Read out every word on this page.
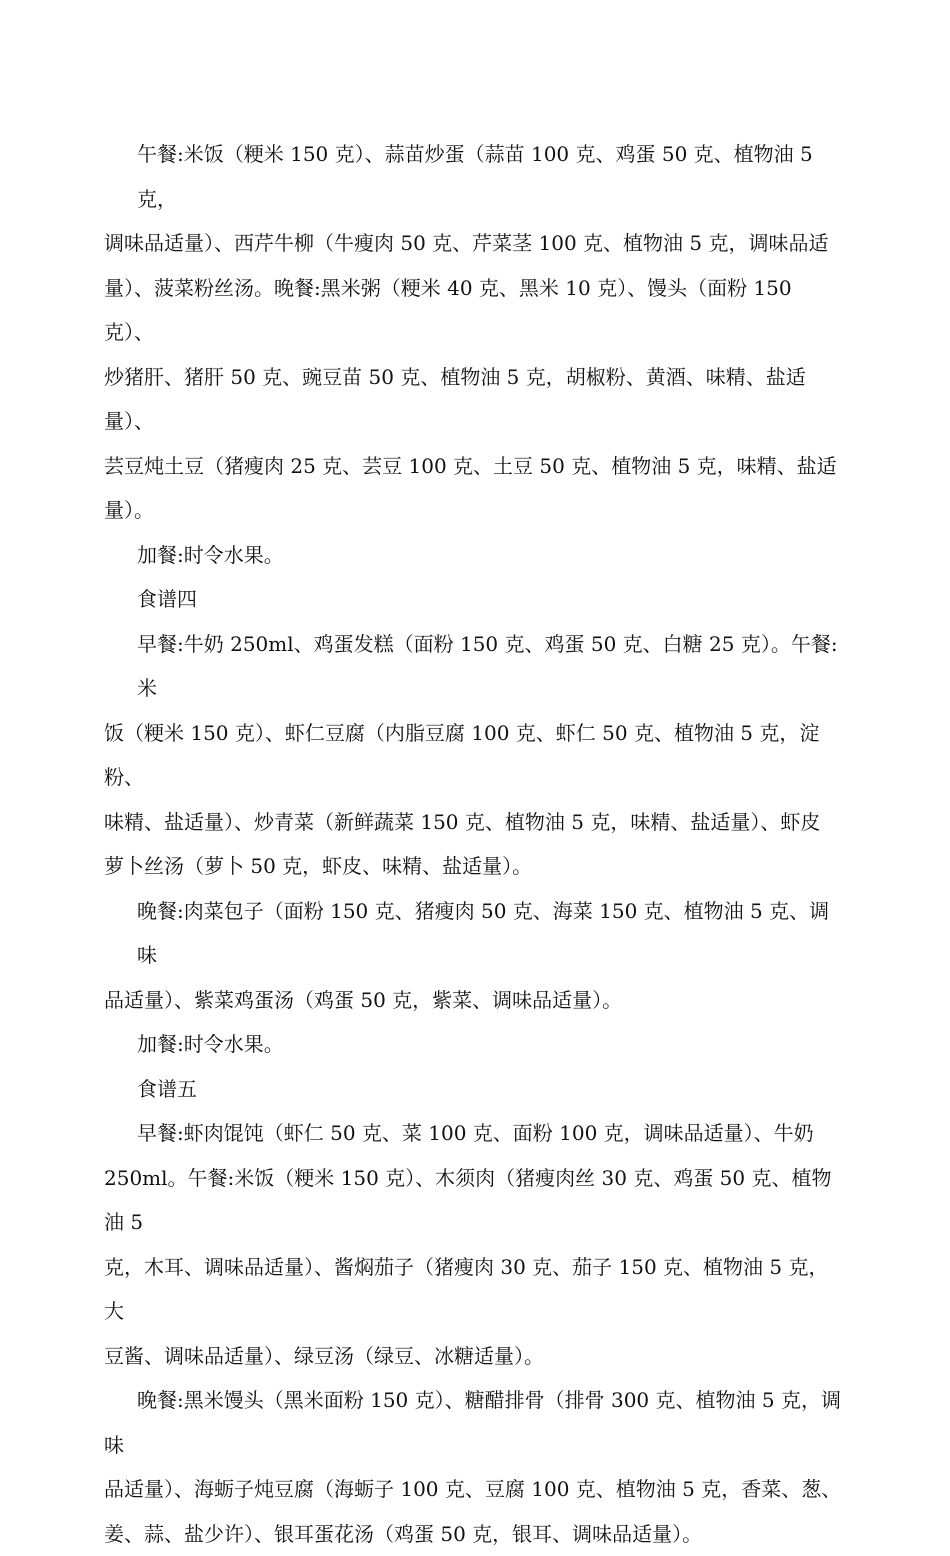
午餐:米饭（粳米 150 克）、蒜苗炒蛋（蒜苗 100 克、鸡蛋 50 克、植物油 5 克，
调味品适量）、西芹牛柳（牛瘦肉 50 克、芹菜茎 100 克、植物油 5 克，调味品适
量）、菠菜粉丝汤。晚餐:黑米粥（粳米 40 克、黑米 10 克）、馒头（面粉 150 克）、
炒猪肝、猪肝 50 克、豌豆苗 50 克、植物油 5 克，胡椒粉、黄酒、味精、盐适量）、
芸豆炖土豆（猪瘦肉 25 克、芸豆 100 克、土豆 50 克、植物油 5 克，味精、盐适
量）。
加餐:时令水果。
食谱四
早餐:牛奶 250ml、鸡蛋发糕（面粉 150 克、鸡蛋 50 克、白糖 25 克）。午餐:米
饭（粳米 150 克）、虾仁豆腐（内脂豆腐 100 克、虾仁 50 克、植物油 5 克，淀粉、
味精、盐适量）、炒青菜（新鲜蔬菜 150 克、植物油 5 克，味精、盐适量）、虾皮
萝卜丝汤（萝卜 50 克，虾皮、味精、盐适量）。
晚餐:肉菜包子（面粉 150 克、猪瘦肉 50 克、海菜 150 克、植物油 5 克、调味
品适量）、紫菜鸡蛋汤（鸡蛋 50 克，紫菜、调味品适量）。
加餐:时令水果。
食谱五
早餐:虾肉馄饨（虾仁 50 克、菜 100 克、面粉 100 克，调味品适量）、牛奶
250ml。午餐:米饭（粳米 150 克）、木须肉（猪瘦肉丝 30 克、鸡蛋 50 克、植物油 5
克，木耳、调味品适量）、酱焖茄子（猪瘦肉 30 克、茄子 150 克、植物油 5 克，大
豆酱、调味品适量）、绿豆汤（绿豆、冰糖适量）。
晚餐:黑米馒头（黑米面粉 150 克）、糖醋排骨（排骨 300 克、植物油 5 克，调
味
品适量）、海蛎子炖豆腐（海蛎子 100 克、豆腐 100 克、植物油 5 克，香菜、葱、
姜、蒜、盐少许）、银耳蛋花汤（鸡蛋 50 克，银耳、调味品适量）。
